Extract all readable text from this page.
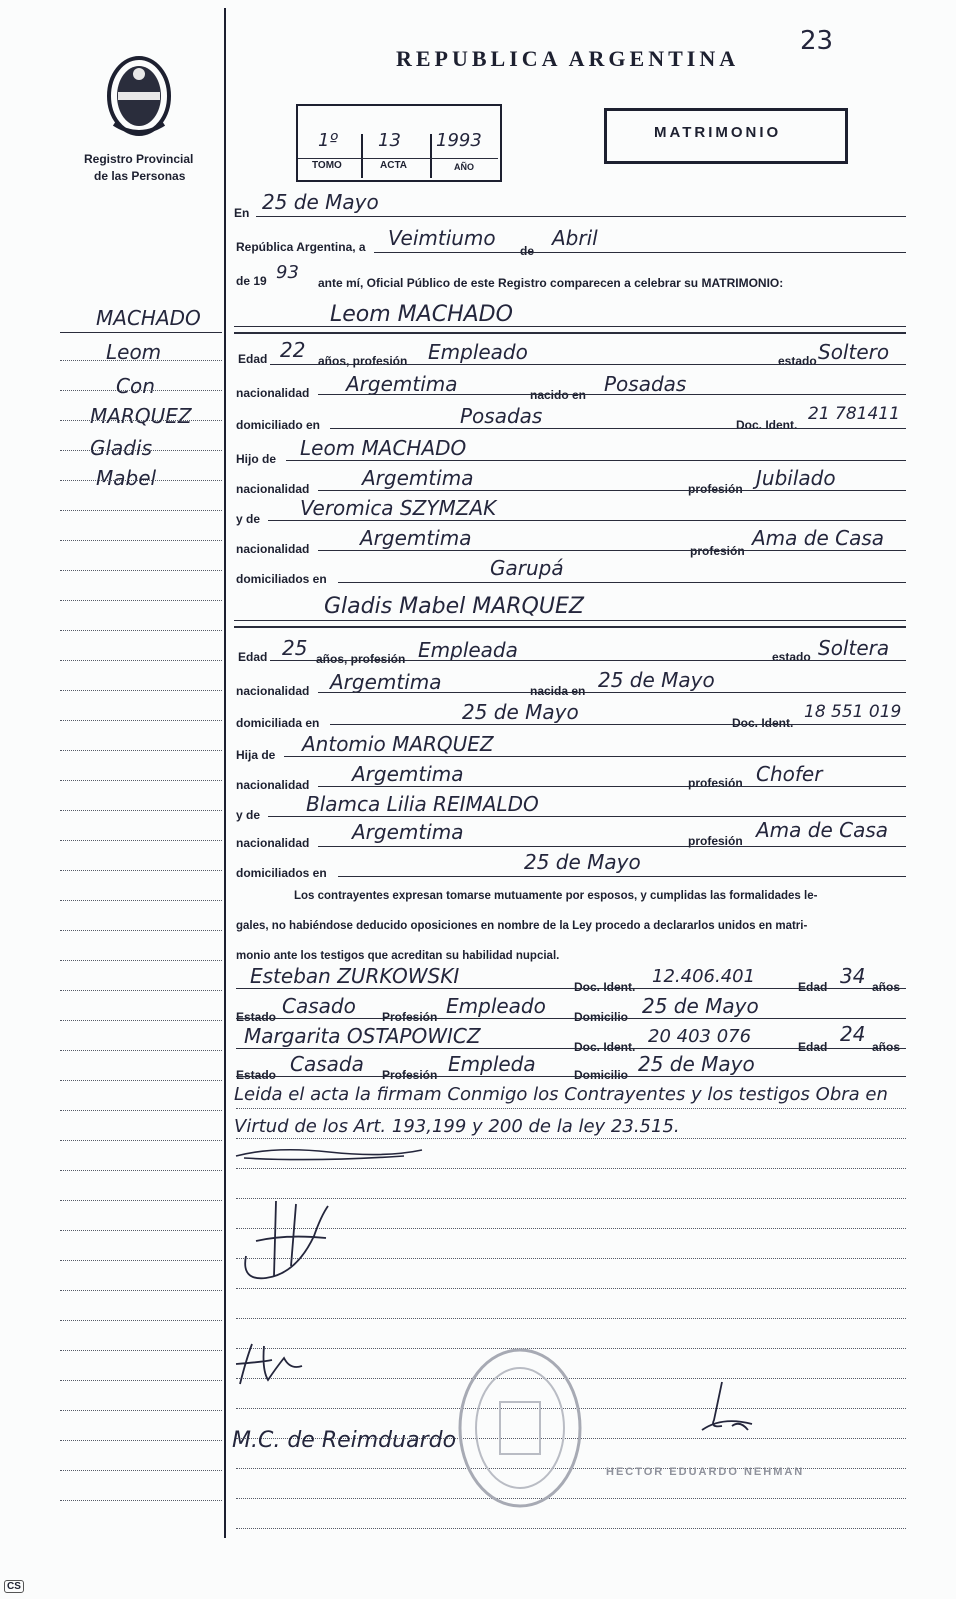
23
Registro Provincial
de las Personas
REPUBLICA ARGENTINA
1º 13 1993
TOMO	ACTA	AÑO
MATRIMONIO
MACHADO
Leom
Con
MARQUEZ
Gladis
Mabel
En 25 de Mayo
República Argentina, a Veimtiumo
de
Abril
de 19 93 ante mí, Oficial Público de este Registro comparecen a celebrar su MATRIMONIO:
Leom MACHADO
Edad 22 años, profesión Empleado	estado Soltero
nacionalidad Argemtima	nacido en Posadas
domiciliado en	Posadas	Doc. Ident.
21 781411
Hijo de Leom MACHADO
nacionalidad	Argemtima	profesión Jubilado
y de Veromica SZYMZAK
nacionalidad	Argemtima
profesión
Ama de Casa
domiciliados en	Garupá
Gladis Mabel MARQUEZ
Edad 25 años, profesión Empleada	estado Soltera
nacionalidad Argemtima	nacida en 25 de Mayo
domiciliada en	25 de Mayo	Doc. Ident.
18 551 019
Hija de Antomio MARQUEZ
nacionalidad Argemtima	profesión Chofer
y de Blamca Lilia REIMALDO
nacionalidad Argemtima	profesión Ama de Casa
domiciliados en	25 de Mayo
Los contrayentes expresan tomarse mutuamente por esposos, y cumplidas las formalidades le-
gales, no habiéndose deducido oposiciones en nombre de la Ley procedo a declararlos unidos en matri-
monio ante los testigos que acreditan su habilidad nupcial.
Esteban ZURKOWSKI	Doc. Ident. 12.406.401	Edad 34 años
Estado Casado Profesión Empleado Domicilio 25 de Mayo
Margarita OSTAPOWICZ	Doc. Ident. 20 403 076	Edad
24
años
Estado Casada Profesión Empleda	Domicilio 25 de Mayo
Leida el acta la firmam Conmigo los Contrayentes y los testigos Obra en
Virtud de los Art. 193,199 y 200 de la ley 23.515.
M.C. de Reimduardo
HECTOR EDUARDO NEHMAN
CS
